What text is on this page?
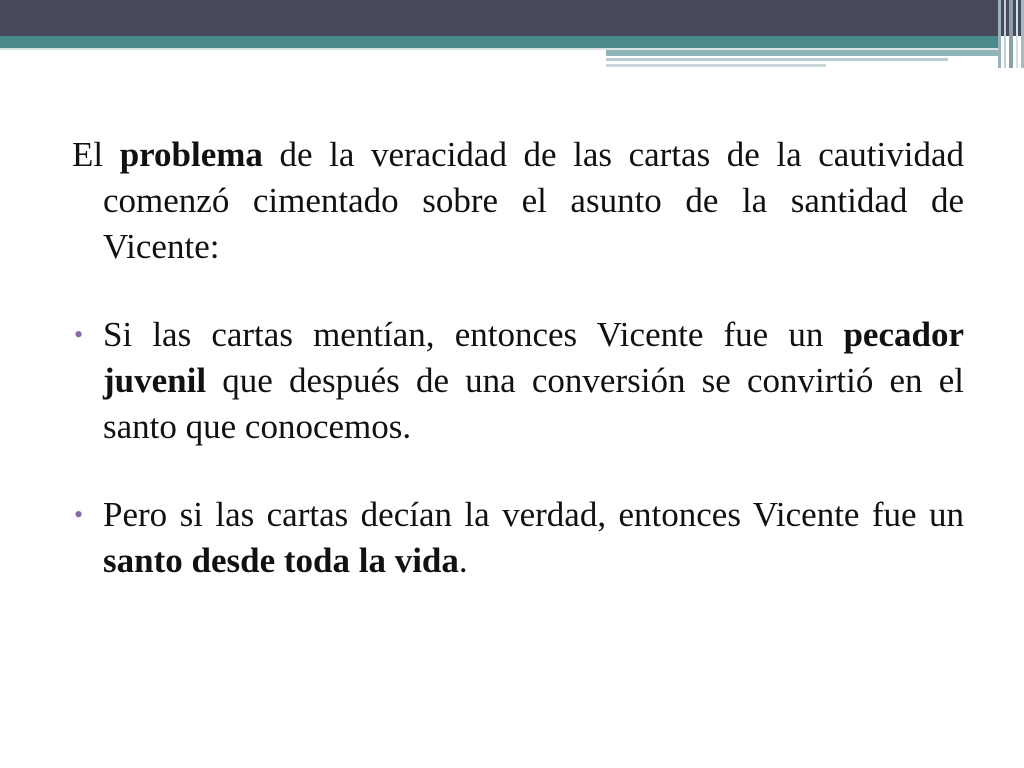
El problema de la veracidad de las cartas de la cautividad comenzó cimentado sobre el asunto de la santidad de Vicente:

• Si las cartas mentían, entonces Vicente fue un pecador juvenil que después de una conversión se convirtió en el santo que conocemos.
• Pero si las cartas decían la verdad, entonces Vicente fue un santo desde toda la vida.
